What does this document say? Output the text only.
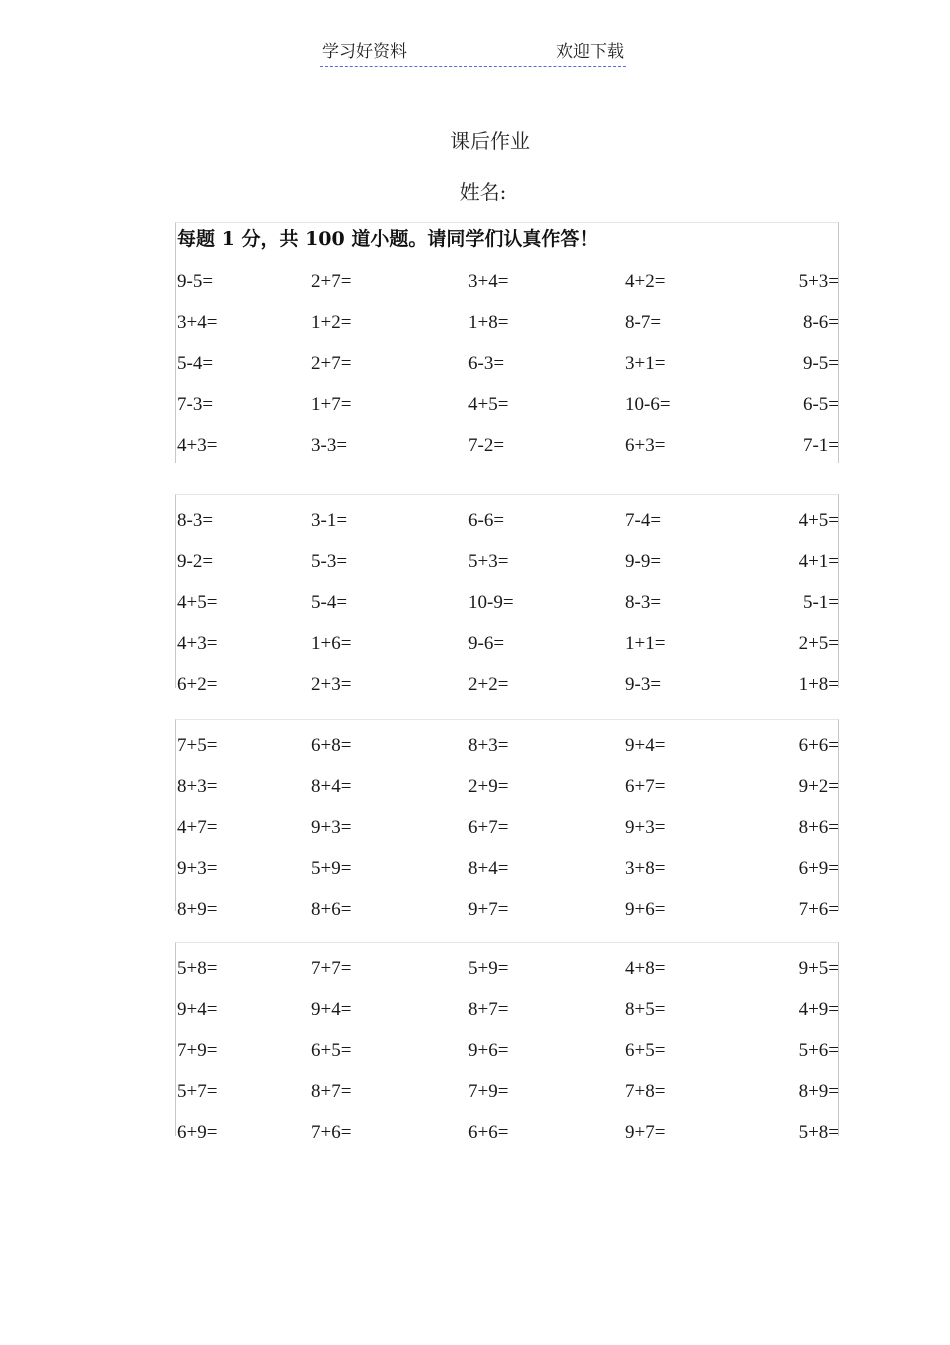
学习好资料	欢迎下载
课后作业
姓名:
9-5=	2+7=	3+4=	4+2=	5+3=
3+4=	1+2=	1+8=	8-7=	8-6=
5-4=	2+7=	6-3=	3+1=	9-5=
7-3=	1+7=	4+5=	10-6=	6-5=
4+3=	3-3=	7-2=	6+3=	7-1=
每题 1 分，共 100 道小题。请同学们认真作答！
8-3=	3-1=	6-6=	7-4=	4+5=
9-2=	5-3=	5+3=	9-9=	4+1=
4+5=	5-4=	10-9=	8-3=	5-1=
4+3=	1+6=	9-6=	1+1=	2+5=
6+2=	2+3=	2+2=	9-3=	1+8=
7+5=	6+8=	8+3=	9+4=	6+6=
8+3=	8+4=	2+9=	6+7=	9+2=
4+7=	9+3=	6+7=	9+3=	8+6=
9+3=	5+9=	8+4=	3+8=	6+9=
8+9=	8+6=	9+7=	9+6=	7+6=
5+8=	7+7=	5+9=	4+8=	9+5=
9+4=	9+4=	8+7=	8+5=	4+9=
7+9=	6+5=	9+6=	6+5=	5+6=
5+7=	8+7=	7+9=	7+8=	8+9=
6+9=	7+6=	6+6=	9+7=	5+8=
